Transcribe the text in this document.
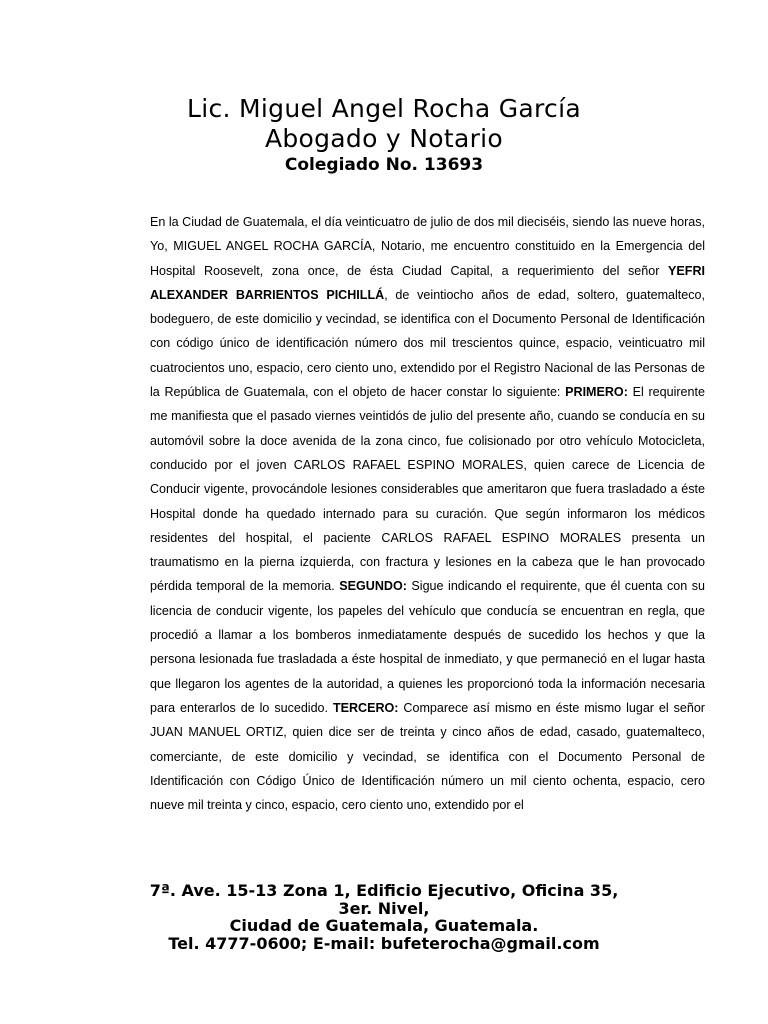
Lic. Miguel Angel Rocha García
Abogado y Notario
Colegiado No. 13693

En la Ciudad de Guatemala, el día veinticuatro de julio de dos mil dieciséis, siendo las nueve horas, Yo, MIGUEL ANGEL ROCHA GARCÍA, Notario, me encuentro constituido en la Emergencia del Hospital Roosevelt, zona once, de ésta Ciudad Capital, a requerimiento del señor YEFRI ALEXANDER BARRIENTOS PICHILLÁ, de veintiocho años de edad, soltero, guatemalteco, bodeguero, de este domicilio y vecindad, se identifica con el Documento Personal de Identificación con código único de identificación número dos mil trescientos quince, espacio, veinticuatro mil cuatrocientos uno, espacio, cero ciento uno, extendido por el Registro Nacional de las Personas de la República de Guatemala, con el objeto de hacer constar lo siguiente: PRIMERO: El requirente me manifiesta que el pasado viernes veintidós de julio del presente año, cuando se conducía en su automóvil sobre la doce avenida de la zona cinco, fue colisionado por otro vehículo Motocicleta, conducido por el joven CARLOS RAFAEL ESPINO MORALES, quien carece de Licencia de Conducir vigente, provocándole lesiones considerables que ameritaron que fuera trasladado a éste Hospital donde ha quedado internado para su curación. Que según informaron los médicos residentes del hospital, el paciente CARLOS RAFAEL ESPINO MORALES presenta un traumatismo en la pierna izquierda, con fractura y lesiones en la cabeza que le han provocado pérdida temporal de la memoria. SEGUNDO: Sigue indicando el requirente, que él cuenta con su licencia de conducir vigente, los papeles del vehículo que conducía se encuentran en regla, que procedió a llamar a los bomberos inmediatamente después de sucedido los hechos y que la persona lesionada fue trasladada a éste hospital de inmediato, y que permaneció en el lugar hasta que llegaron los agentes de la autoridad, a quienes les proporcionó toda la información necesaria para enterarlos de lo sucedido. TERCERO: Comparece así mismo en éste mismo lugar el señor JUAN MANUEL ORTIZ, quien dice ser de treinta y cinco años de edad, casado, guatemalteco, comerciante, de este domicilio y vecindad, se identifica con el Documento Personal de Identificación con Código Único de Identificación número un mil ciento ochenta, espacio, cero nueve mil treinta y cinco, espacio, cero ciento uno, extendido por el

7ª. Ave. 15-13 Zona 1, Edificio Ejecutivo, Oficina 35,
3er. Nivel,
Ciudad de Guatemala, Guatemala.
Tel. 4777-0600; E-mail: bufeterocha@gmail.com
